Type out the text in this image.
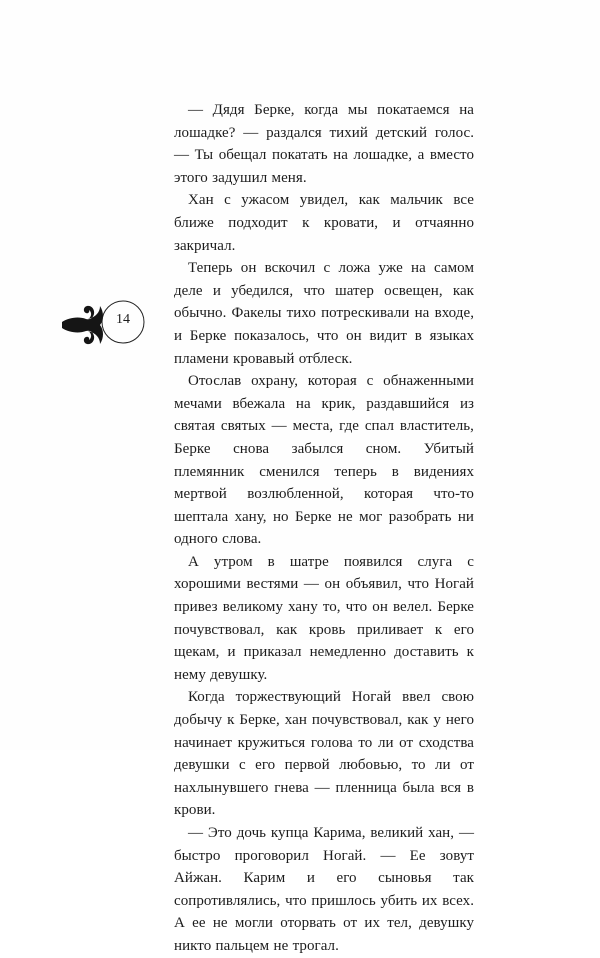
14

— Дядя Берке, когда мы покатаемся на лошадке? — раздался тихий детский голос. — Ты обещал покатать на лошадке, а вместо этого задушил меня.

Хан с ужасом увидел, как мальчик все ближе подходит к кровати, и отчаянно закричал.

Теперь он вскочил с ложа уже на самом деле и убедился, что шатер освещен, как обычно. Факелы тихо потрескивали на входе, и Берке показалось, что он видит в языках пламени кровавый отблеск.

Отослав охрану, которая с обнаженными мечами вбежала на крик, раздавшийся из святая святых — места, где спал властитель, Берке снова забылся сном. Убитый племянник сменился теперь в видениях мертвой возлюбленной, которая что-то шептала хану, но Берке не мог разобрать ни одного слова.

А утром в шатре появился слуга с хорошими вестями — он объявил, что Ногай привез великому хану то, что он велел. Берке почувствовал, как кровь приливает к его щекам, и приказал немедленно доставить к нему девушку.

Когда торжествующий Ногай ввел свою добычу к Берке, хан почувствовал, как у него начинает кружиться голова то ли от сходства девушки с его первой любовью, то ли от нахлынувшего гнева — пленница была вся в крови.

— Это дочь купца Карима, великий хан, — быстро проговорил Ногай. — Ее зовут Айжан. Карим и его сыновья так сопротивлялись, что пришлось убить их всех. А ее не могли оторвать от их тел, девушку никто пальцем не трогал.
